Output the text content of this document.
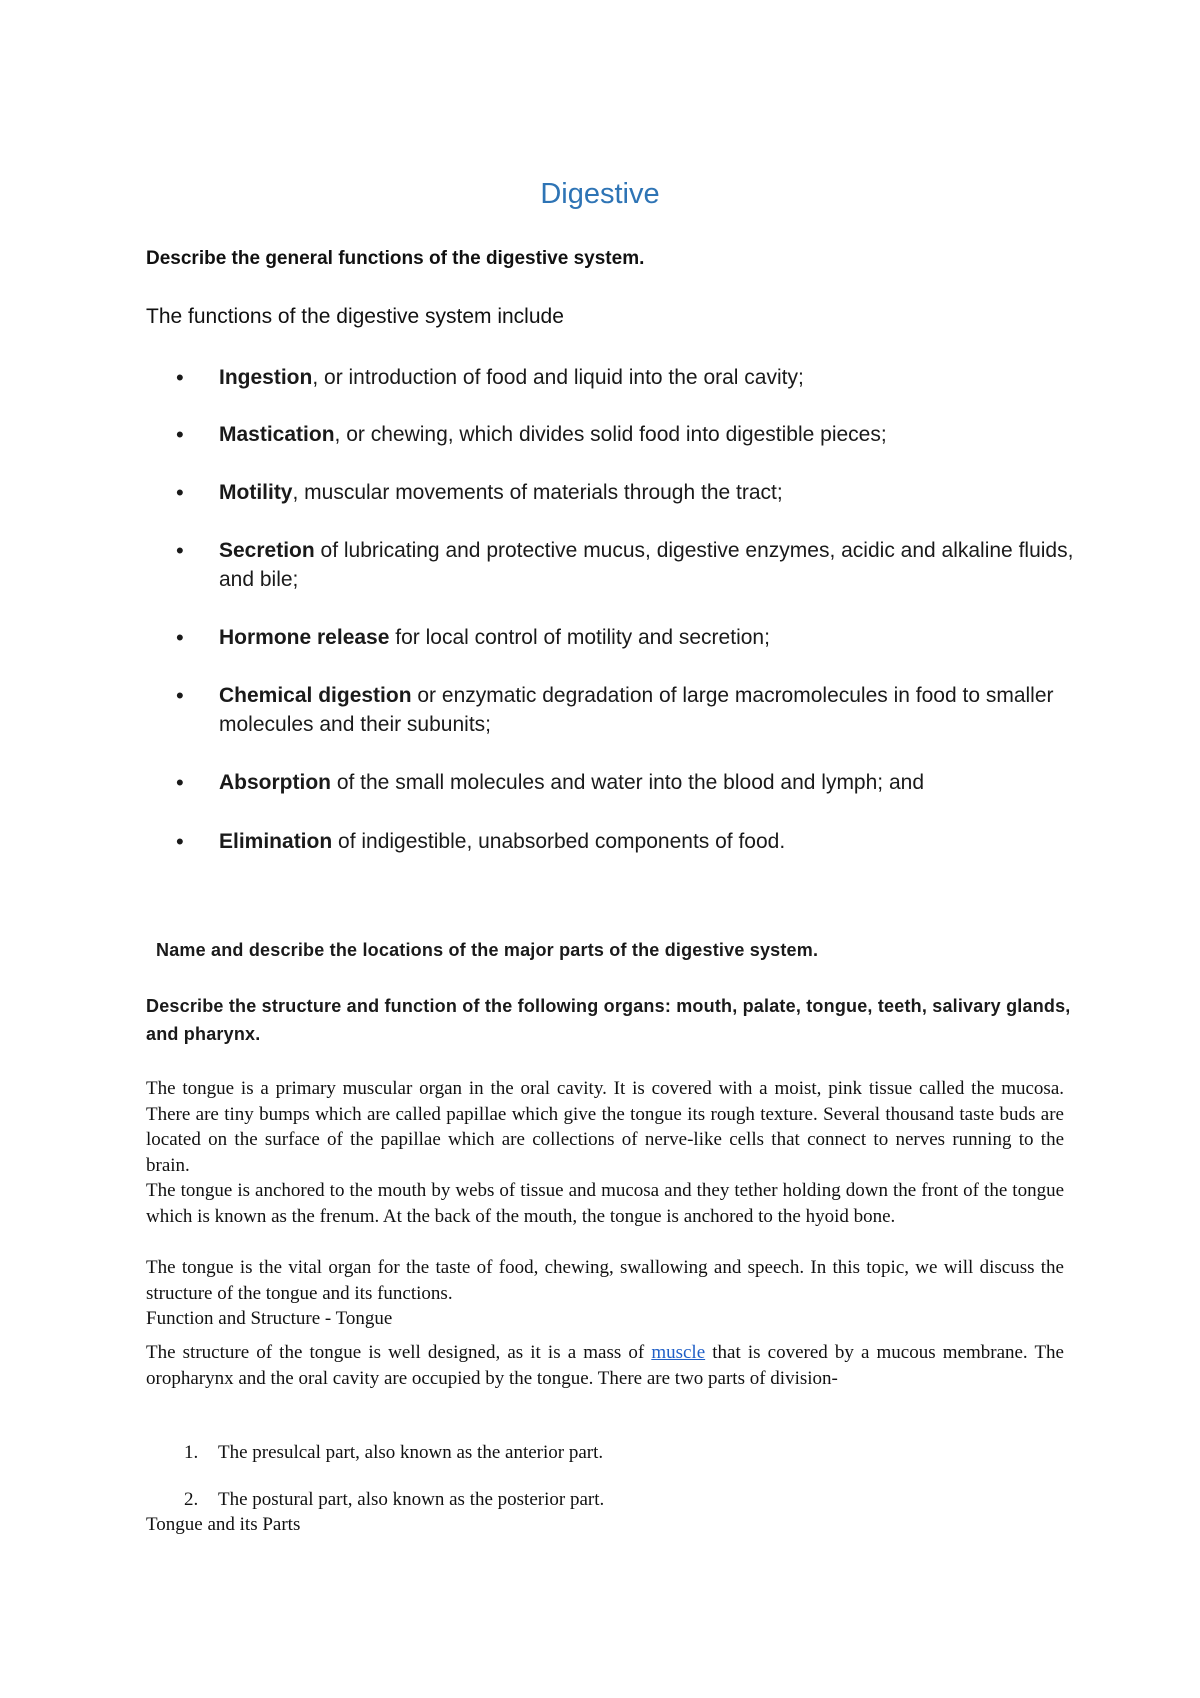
Digestive
Describe the general functions of the digestive system.
The functions of the digestive system include
•	Ingestion, or introduction of food and liquid into the oral cavity;
•	Mastication, or chewing, which divides solid food into digestible pieces;
•	Motility, muscular movements of materials through the tract;
•	Secretion of lubricating and protective mucus, digestive enzymes, acidic and alkaline fluids, and bile;
•	Hormone release for local control of motility and secretion;
•	Chemical digestion or enzymatic degradation of large macromolecules in food to smaller molecules and their subunits;
•	Absorption of the small molecules and water into the blood and lymph; and
•	Elimination of indigestible, unabsorbed components of food.
Name and describe the locations of the major parts of the digestive system.
Describe the structure and function of the following organs: mouth, palate, tongue, teeth, salivary glands, and pharynx.
The tongue is a primary muscular organ in the oral cavity. It is covered with a moist, pink tissue called the mucosa. There are tiny bumps which are called papillae which give the tongue its rough texture. Several thousand taste buds are located on the surface of the papillae which are collections of nerve-like cells that connect to nerves running to the brain.
The tongue is anchored to the mouth by webs of tissue and mucosa and they tether holding down the front of the tongue which is known as the frenum. At the back of the mouth, the tongue is anchored to the hyoid bone.
The tongue is the vital organ for the taste of food, chewing, swallowing and speech. In this topic, we will discuss the structure of the tongue and its functions.
Function and Structure - Tongue
The structure of the tongue is well designed, as it is a mass of muscle that is covered by a mucous membrane. The oropharynx and the oral cavity are occupied by the tongue. There are two parts of division-
1. The presulcal part, also known as the anterior part.
2. The postural part, also known as the posterior part.
Tongue and its Parts
